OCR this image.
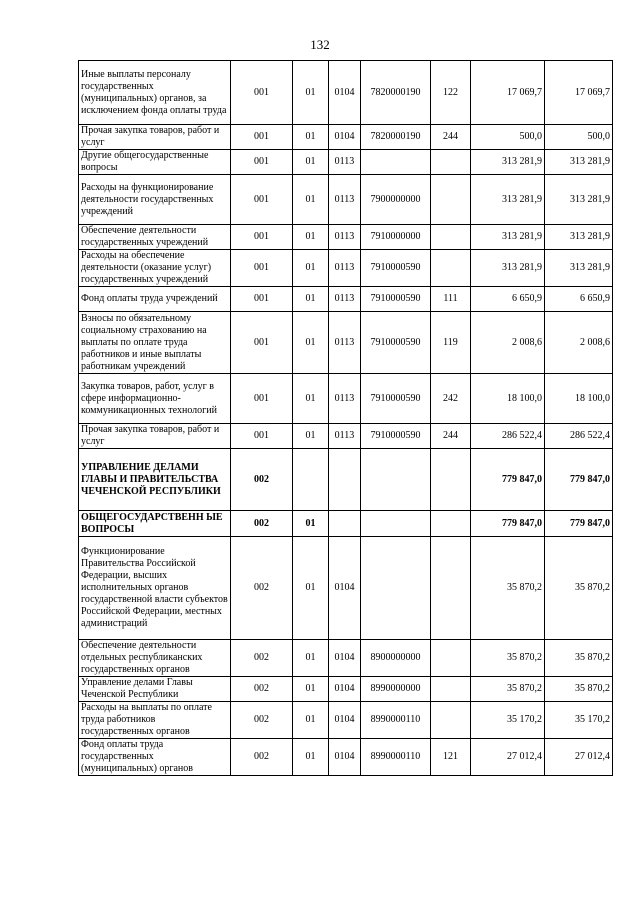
132
Иные выплаты персоналу государственных (муниципальных) органов, за исключением фонда оплаты труда	001	01	0104	7820000190	122	17 069,7	17 069,7
Прочая закупка товаров, работ и услуг	001	01	0104	7820000190	244	500,0	500,0
Другие общегосударственные вопросы	001	01	0113			313 281,9	313 281,9
Расходы на функционирование деятельности государственных учреждений	001	01	0113	7900000000		313 281,9	313 281,9
Обеспечение деятельности государственных учреждений	001	01	0113	7910000000		313 281,9	313 281,9
Расходы на обеспечение деятельности (оказание услуг) государственных учреждений	001	01	0113	7910000590		313 281,9	313 281,9
Фонд оплаты труда учреждений	001	01	0113	7910000590	111	6 650,9	6 650,9
Взносы по обязательному социальному страхованию на выплаты по оплате труда работников и иные выплаты работникам учреждений	001	01	0113	7910000590	119	2 008,6	2 008,6
Закупка товаров, работ, услуг в сфере информационно-коммуникационных технологий	001	01	0113	7910000590	242	18 100,0	18 100,0
Прочая закупка товаров, работ и услуг	001	01	0113	7910000590	244	286 522,4	286 522,4
УПРАВЛЕНИЕ ДЕЛАМИ ГЛАВЫ И ПРАВИТЕЛЬСТВА ЧЕЧЕНСКОЙ РЕСПУБЛИКИ	002					779 847,0	779 847,0
ОБЩЕГОСУДАРСТВЕНН ЫЕ ВОПРОСЫ	002	01				779 847,0	779 847,0
Функционирование Правительства Российской Федерации, высших исполнительных органов государственной власти субъектов Российской Федерации, местных администраций	002	01	0104			35 870,2	35 870,2
Обеспечение деятельности отдельных республиканских государственных органов	002	01	0104	8900000000		35 870,2	35 870,2
Управление делами Главы Чеченской Республики	002	01	0104	8990000000		35 870,2	35 870,2
Расходы на выплаты по оплате труда работников государственных органов	002	01	0104	8990000110		35 170,2	35 170,2
Фонд оплаты труда государственных (муниципальных) органов	002	01	0104	8990000110	121	27 012,4	27 012,4
